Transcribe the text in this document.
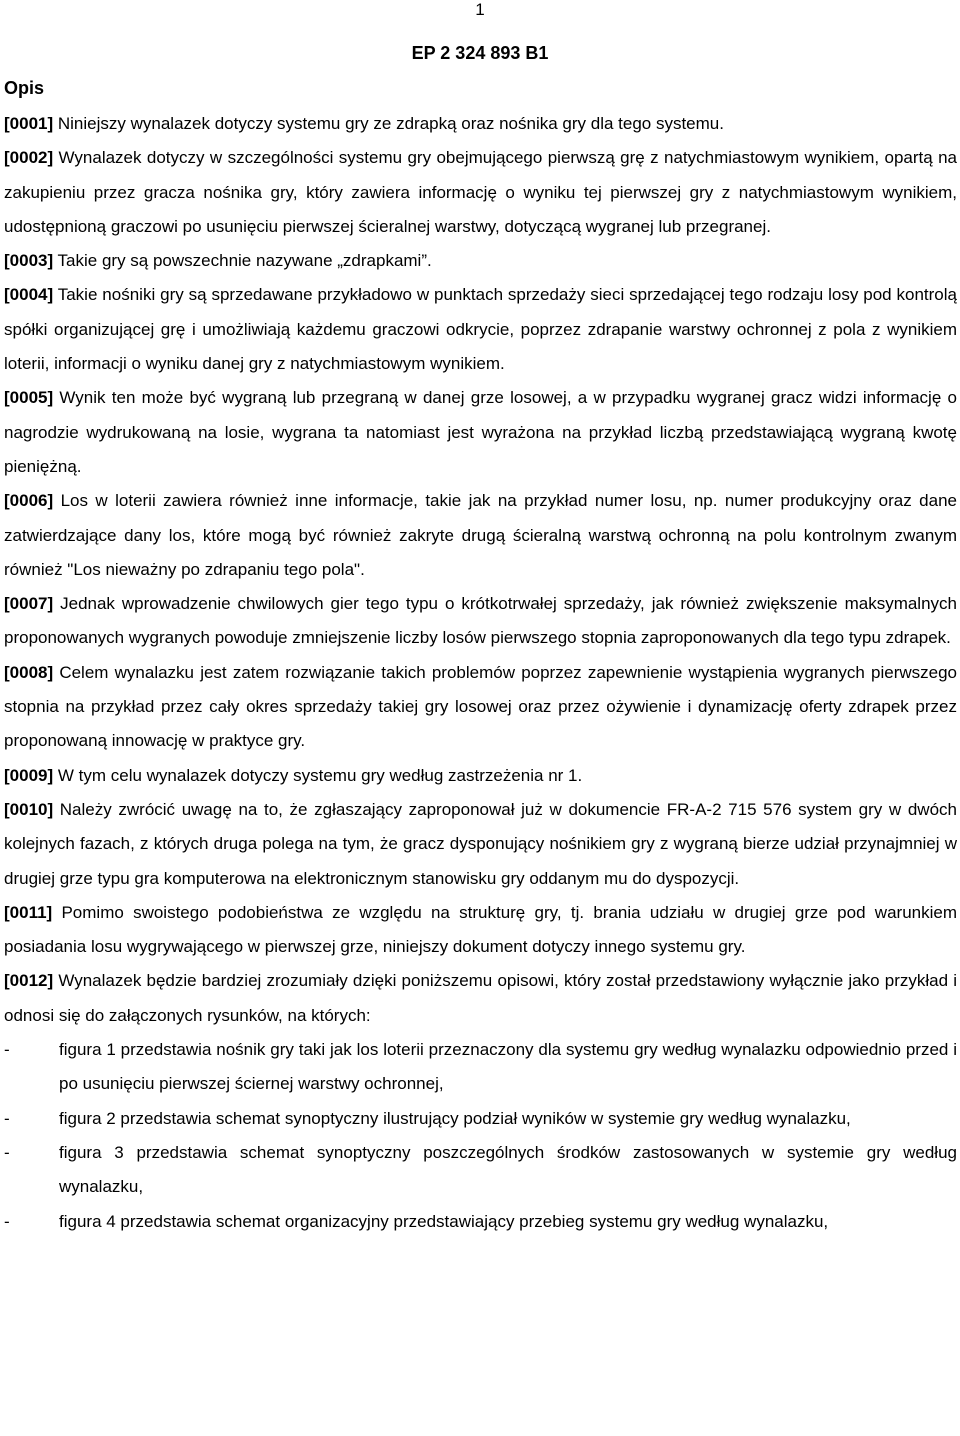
1
EP 2 324 893 B1
Opis

[0001] Niniejszy wynalazek dotyczy systemu gry ze zdrapką oraz nośnika gry dla tego systemu.

[0002] Wynalazek dotyczy w szczególności systemu gry obejmującego pierwszą grę z natychmiastowym wynikiem, opartą na zakupieniu przez gracza nośnika gry, który zawiera informację o wyniku tej pierwszej gry z natychmiastowym wynikiem, udostępnioną graczowi po usunięciu pierwszej ścieralnej warstwy, dotyczącą wygranej lub przegranej.

[0003] Takie gry są powszechnie nazywane „zdrapkami”.

[0004] Takie nośniki gry są sprzedawane przykładowo w punktach sprzedaży sieci sprzedającej tego rodzaju losy pod kontrolą spółki organizującej grę i umożliwiają każdemu graczowi odkrycie, poprzez zdrapanie warstwy ochronnej z pola z wynikiem loterii, informacji o wyniku danej gry z natychmiastowym wynikiem.

[0005] Wynik ten może być wygraną lub przegraną w danej grze losowej, a w przypadku wygranej gracz widzi informację o nagrodzie wydrukowaną na losie, wygrana ta natomiast jest wyrażona na przykład liczbą przedstawiającą wygraną kwotę pieniężną.

[0006] Los w loterii zawiera również inne informacje, takie jak na przykład numer losu, np. numer produkcyjny oraz dane zatwierdzające dany los, które mogą być również zakryte drugą ścieralną warstwą ochronną na polu kontrolnym zwanym również "Los nieważny po zdrapaniu tego pola".

[0007] Jednak wprowadzenie chwilowych gier tego typu o krótkotrwałej sprzedaży, jak również zwiększenie maksymalnych proponowanych wygranych powoduje zmniejszenie liczby losów pierwszego stopnia zaproponowanych dla tego typu zdrapek.

[0008] Celem wynalazku jest zatem rozwiązanie takich problemów poprzez zapewnienie wystąpienia wygranych pierwszego stopnia na przykład przez cały okres sprzedaży takiej gry losowej oraz przez ożywienie i dynamizację oferty zdrapek przez proponowaną innowację w praktyce gry.

[0009] W tym celu wynalazek dotyczy systemu gry według zastrzeżenia nr 1.

[0010] Należy zwrócić uwagę na to, że zgłaszający zaproponował już w dokumencie FR-A-2 715 576 system gry w dwóch kolejnych fazach, z których druga polega na tym, że gracz dysponujący nośnikiem gry z wygraną bierze udział przynajmniej w drugiej grze typu gra komputerowa na elektronicznym stanowisku gry oddanym mu do dyspozycji.

[0011] Pomimo swoistego podobieństwa ze względu na strukturę gry, tj. brania udziału w drugiej grze pod warunkiem posiadania losu wygrywającego w pierwszej grze, niniejszy dokument dotyczy innego systemu gry.

[0012] Wynalazek będzie bardziej zrozumiały dzięki poniższemu opisowi, który został przedstawiony wyłącznie jako przykład i odnosi się do załączonych rysunków, na których:

-	figura 1 przedstawia nośnik gry taki jak los loterii przeznaczony dla systemu gry według wynalazku odpowiednio przed i po usunięciu pierwszej ściernej warstwy ochronnej,
-	figura 2 przedstawia schemat synoptyczny ilustrujący podział wyników w systemie gry według wynalazku,
-	figura 3 przedstawia schemat synoptyczny poszczególnych środków zastosowanych w systemie gry według wynalazku,
-	figura 4 przedstawia schemat organizacyjny przedstawiający przebieg systemu gry według wynalazku,
